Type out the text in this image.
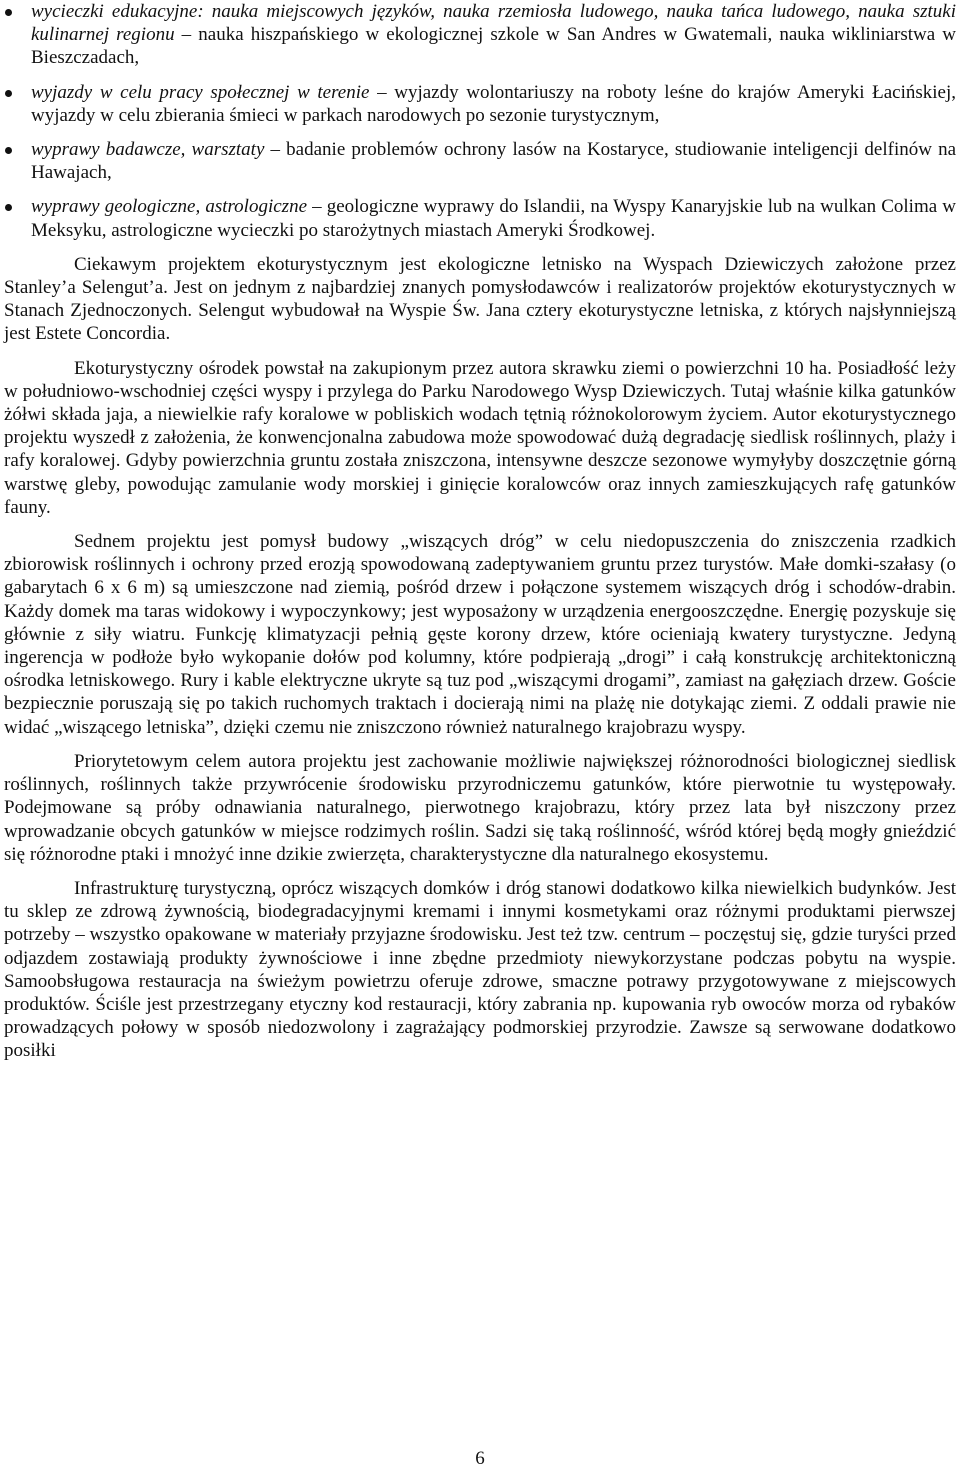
wycieczki edukacyjne: nauka miejscowych języków, nauka rzemiosła ludowego, nauka tańca ludowego, nauka sztuki kulinarnej regionu – nauka hiszpańskiego w ekologicznej szkole w San Andres w Gwatemali, nauka wikliniarstwa w Bieszczadach,
wyjazdy w celu pracy społecznej w terenie – wyjazdy wolontariuszy na roboty leśne do krajów Ameryki Łacińskiej, wyjazdy w celu zbierania śmieci w parkach narodowych po sezonie turystycznym,
wyprawy badawcze, warsztaty – badanie problemów ochrony lasów na Kostaryce, studiowanie inteligencji delfinów na Hawajach,
wyprawy geologiczne, astrologiczne – geologiczne wyprawy do Islandii, na Wyspy Kanaryjskie lub na wulkan Colima w Meksyku, astrologiczne wycieczki po starożytnych miastach Ameryki Środkowej.

Ciekawym projektem ekoturystycznym jest ekologiczne letnisko na Wyspach Dziewiczych założone przez Stanley’a Selengut’a. Jest on jednym z najbardziej znanych pomysłodawców i realizatorów projektów ekoturystycznych w Stanach Zjednoczonych. Selengut wybudował na Wyspie Św. Jana cztery ekoturystyczne letniska, z których najsłynniejszą jest Estete Concordia.

Ekoturystyczny ośrodek powstał na zakupionym przez autora skrawku ziemi o powierzchni 10 ha. Posiadłość leży w południowo-wschodniej części wyspy i przylega do Parku Narodowego Wysp Dziewiczych. Tutaj właśnie kilka gatunków żółwi składa jaja, a niewielkie rafy koralowe w pobliskich wodach tętnią różnokolorowym życiem. Autor ekoturystycznego projektu wyszedł z założenia, że konwencjonalna zabudowa może spowodować dużą degradację siedlisk roślinnych, plaży i rafy koralowej. Gdyby powierzchnia gruntu została zniszczona, intensywne deszcze sezonowe wymyłyby doszczętnie górną warstwę gleby, powodując zamulanie wody morskiej i ginięcie koralowców oraz innych zamieszkujących rafę gatunków fauny.

Sednem projektu jest pomysł budowy „wiszących dróg” w celu niedopuszczenia do zniszczenia rzadkich zbiorowisk roślinnych i ochrony przed erozją spowodowaną zadeptywaniem gruntu przez turystów. Małe domki-szałasy (o gabarytach 6 x 6 m) są umieszczone nad ziemią, pośród drzew i połączone systemem wiszących dróg i schodów-drabin. Każdy domek ma taras widokowy i wypoczynkowy; jest wyposażony w urządzenia energooszczędne. Energię pozyskuje się głównie z siły wiatru. Funkcję klimatyzacji pełnią gęste korony drzew, które ocieniają kwatery turystyczne. Jedyną ingerencja w podłoże było wykopanie dołów pod kolumny, które podpierają „drogi” i całą konstrukcję architektoniczną ośrodka letniskowego. Rury i kable elektryczne ukryte są tuz pod „wiszącymi drogami”, zamiast na gałęziach drzew. Goście bezpiecznie poruszają się po takich ruchomych traktach i docierają nimi na plażę nie dotykając ziemi. Z oddali prawie nie widać „wiszącego letniska”, dzięki czemu nie zniszczono również naturalnego krajobrazu wyspy.

Priorytetowym celem autora projektu jest zachowanie możliwie największej różnorodności biologicznej siedlisk roślinnych, roślinnych także przywrócenie środowisku przyrodniczemu gatunków, które pierwotnie tu występowały. Podejmowane są próby odnawiania naturalnego, pierwotnego krajobrazu, który przez lata był niszczony przez wprowadzanie obcych gatunków w miejsce rodzimych roślin. Sadzi się taką roślinność, wśród której będą mogły gnieździć się różnorodne ptaki i mnożyć inne dzikie zwierzęta, charakterystyczne dla naturalnego ekosystemu.

Infrastrukturę turystyczną, oprócz wiszących domków i dróg stanowi dodatkowo kilka niewielkich budynków. Jest tu sklep ze zdrową żywnością, biodegradacyjnymi kremami i innymi kosmetykami oraz różnymi produktami pierwszej potrzeby – wszystko opakowane w materiały przyjazne środowisku. Jest też tzw. centrum – poczęstuj się, gdzie turyści przed odjazdem zostawiają produkty żywnościowe i inne zbędne przedmioty niewykorzystane podczas pobytu na wyspie. Samoobsługowa restauracja na świeżym powietrzu oferuje zdrowe, smaczne potrawy przygotowywane z miejscowych produktów. Ściśle jest przestrzegany etyczny kod restauracji, który zabrania np. kupowania ryb owoców morza od rybaków prowadzących połowy w sposób niedozwolony i zagrażający podmorskiej przyrodzie. Zawsze są serwowane dodatkowo posiłki

6
